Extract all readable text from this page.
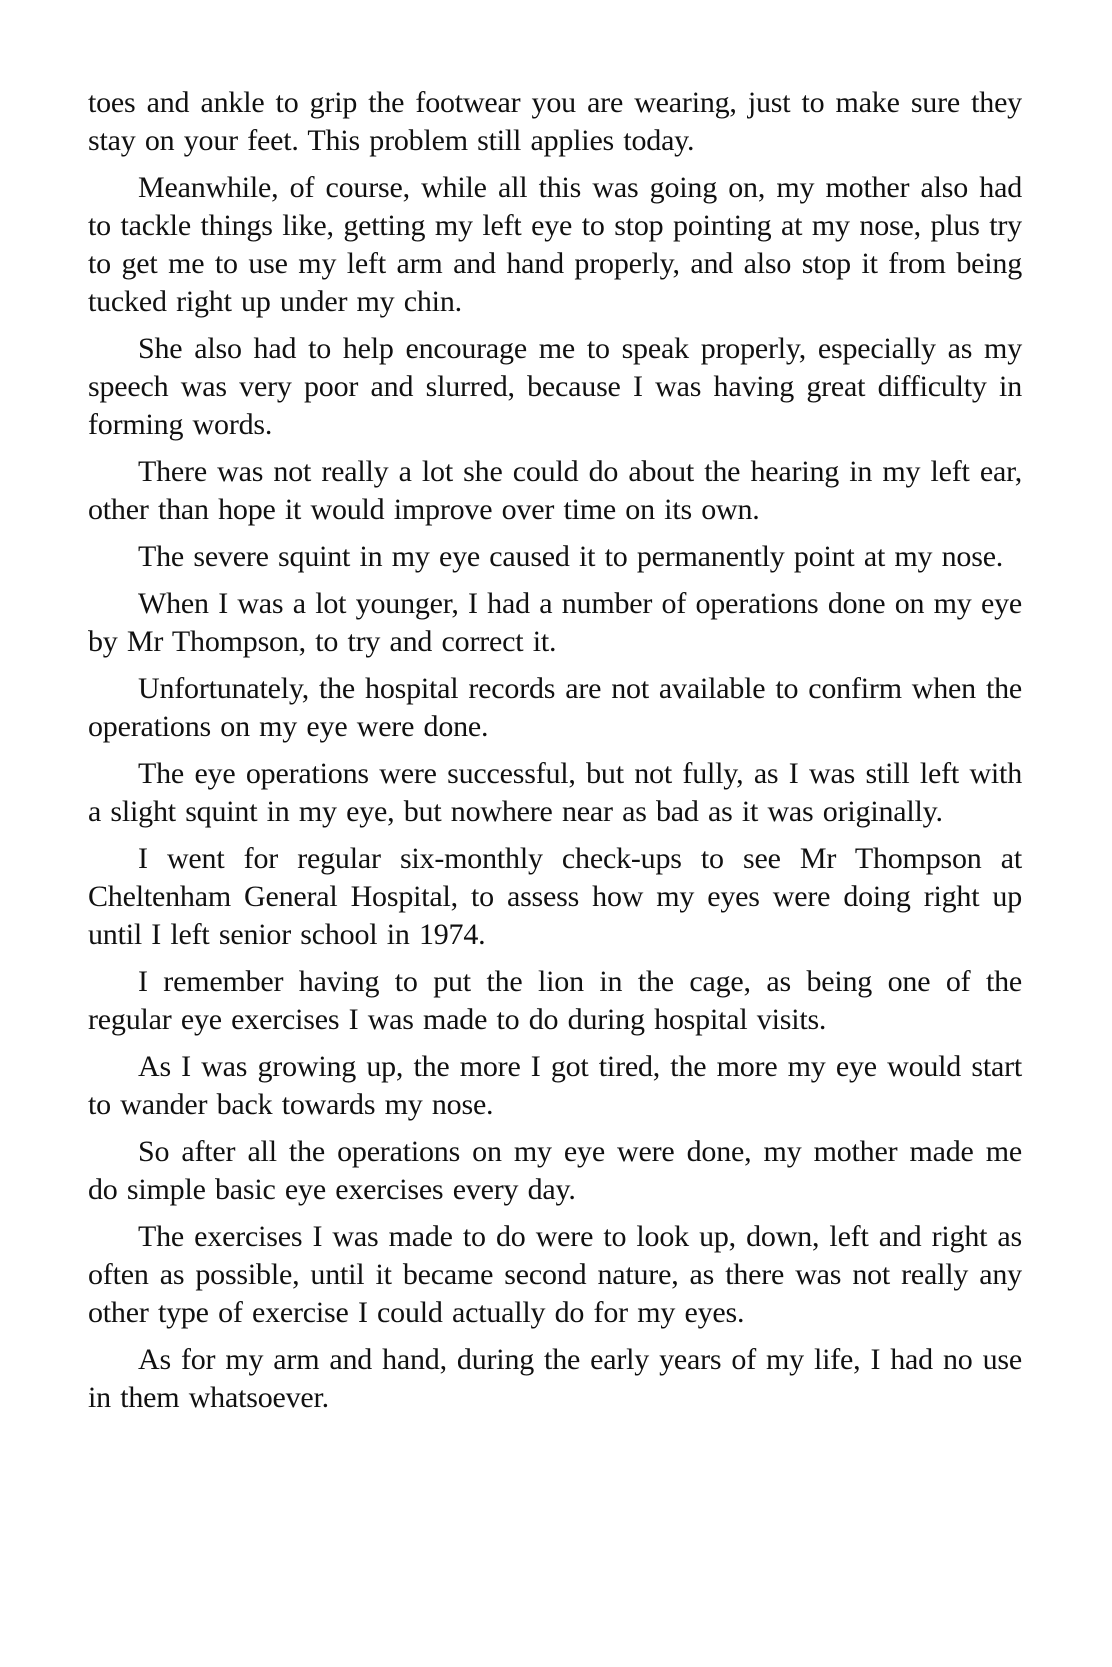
toes and ankle to grip the footwear you are wearing, just to make sure they stay on your feet. This problem still applies today.

Meanwhile, of course, while all this was going on, my mother also had to tackle things like, getting my left eye to stop pointing at my nose, plus try to get me to use my left arm and hand properly, and also stop it from being tucked right up under my chin.

She also had to help encourage me to speak properly, especially as my speech was very poor and slurred, because I was having great difficulty in forming words.

There was not really a lot she could do about the hearing in my left ear, other than hope it would improve over time on its own.

The severe squint in my eye caused it to permanently point at my nose.

When I was a lot younger, I had a number of operations done on my eye by Mr Thompson, to try and correct it.

Unfortunately, the hospital records are not available to confirm when the operations on my eye were done.

The eye operations were successful, but not fully, as I was still left with a slight squint in my eye, but nowhere near as bad as it was originally.

I went for regular six-monthly check-ups to see Mr Thompson at Cheltenham General Hospital, to assess how my eyes were doing right up until I left senior school in 1974.

I remember having to put the lion in the cage, as being one of the regular eye exercises I was made to do during hospital visits.

As I was growing up, the more I got tired, the more my eye would start to wander back towards my nose.

So after all the operations on my eye were done, my mother made me do simple basic eye exercises every day.

The exercises I was made to do were to look up, down, left and right as often as possible, until it became second nature, as there was not really any other type of exercise I could actually do for my eyes.

As for my arm and hand, during the early years of my life, I had no use in them whatsoever.
